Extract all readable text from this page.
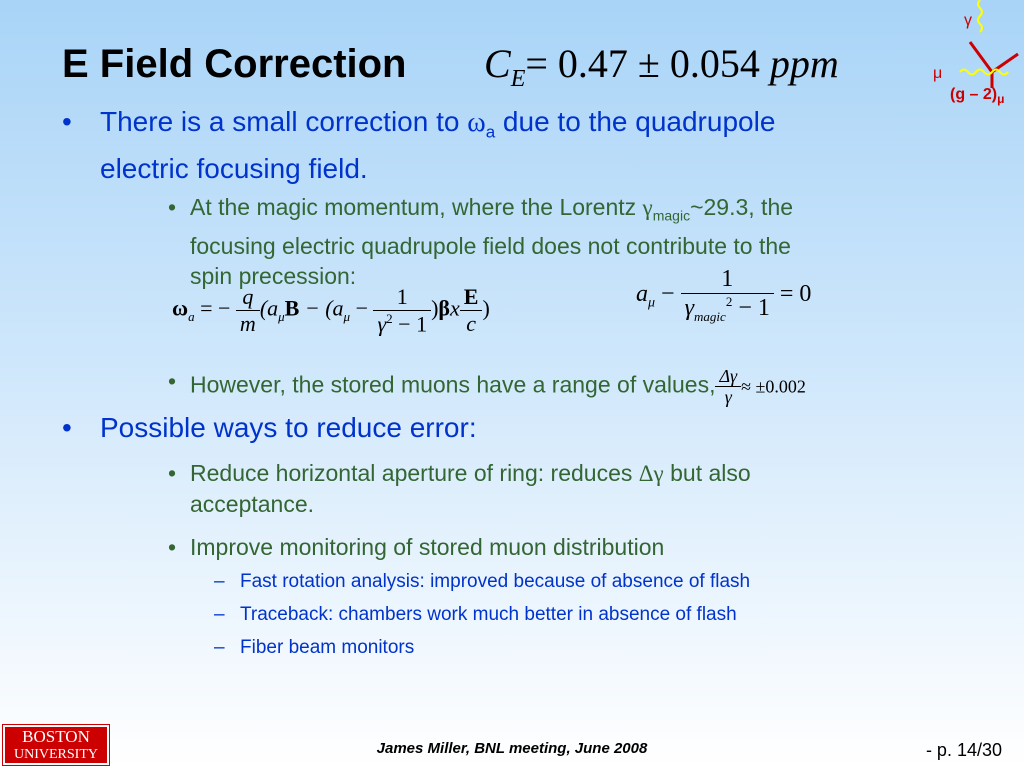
E Field Correction $C_E= 0.47 \pm 0.054$ ppm	μ
γ
$(g - 2)_\mu$
• There is a small correction to $\omega_a$ due to the quadrupole
electric focusing field.
• At the magic momentum, where the Lorentz $\gamma_{magic}\sim 29.3$, the
focusing electric quadrupole field does not contribute to the
spin precession:
$\omega_a$ = − $\frac{q}{m} (a_\mu B - (a_\mu - \frac{1}{\gamma^2 - 1} )\beta x \frac{E}{c}$ )
$a_\mu - \frac{1}{\gamma_{magic}^2 - 1} = 0$
• However, the stored muons have a range of values, $\frac{\Delta\gamma}{\gamma} \approx \pm 0.002$
• Possible ways to reduce error:
• Reduce horizontal aperture of ring: reduces Δγ but also
acceptance.
• Improve monitoring of stored muon distribution
– Fast rotation analysis: improved because of absence of flash
– Traceback: chambers work much better in absence of flash
– Fiber beam monitors
BOSTON
UNIVERSITY	James Miller, BNL meeting, June 2008	- p. 14/30
